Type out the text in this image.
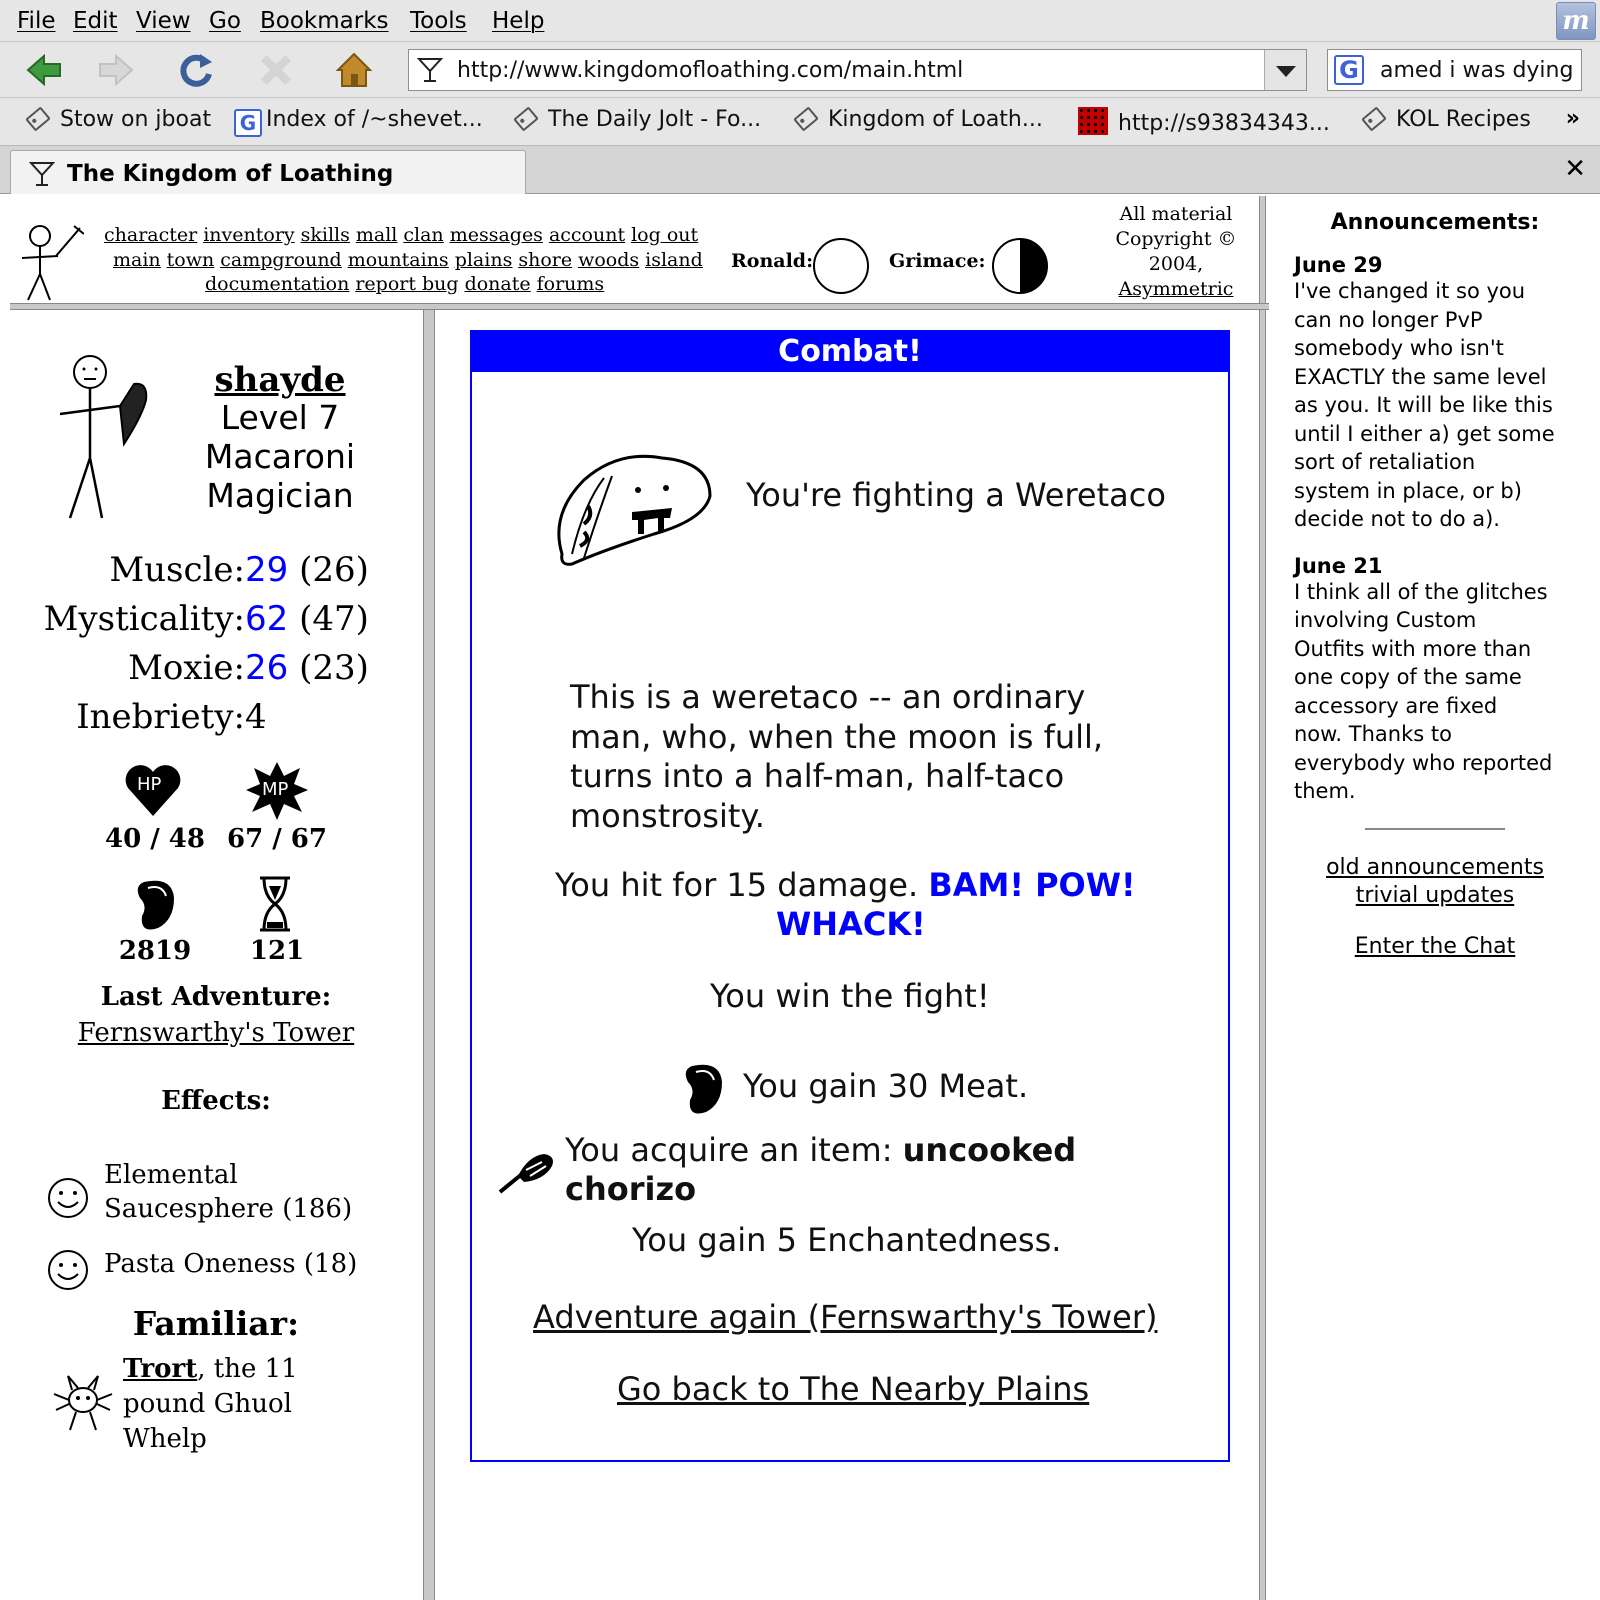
File Edit View Go Bookmarks Tools Help	m
http://www.kingdomofloathing.com/main.html	G amed i was dying
Stow on jboat G Index of /~shevet...	The Daily Jolt - Fo...	Kingdom of Loath...	http://s93834343...	KOL Recipes »
The Kingdom of Loathing	✕
character inventory skills mall clan messages account log out
main town campground mountains plains shore woods island
documentation report bug donate forums
Ronald:	Grimace:
All material
Copyright ©
2004,
Asymmetric
shayde
Level 7
Macaroni
Magician
Muscle: 29 (26)
Mysticality: 62 (47)
Moxie: 26 (23)
Inebriety: 4
HP	MP
40 / 48 67 / 67
2819	121
Last Adventure:
Fernswarthy's Tower
Effects:
Elemental
Saucesphere (186)
Pasta Oneness (18)
Familiar:
Trort, the 11
pound Ghuol
Whelp
Combat!
You're fighting a Weretaco
This is a weretaco -- an ordinary
man, who, when the moon is full,
turns into a half-man, half-taco
monstrosity.
You hit for 15 damage. BAM! POW!
WHACK!
You win the fight!
You gain 30 Meat.
You acquire an item: uncooked
chorizo
You gain 5 Enchantedness.
Adventure again (Fernswarthy's Tower)
Go back to The Nearby Plains
Announcements:
June 29
I've changed it so you
can no longer PvP
somebody who isn't
EXACTLY the same level
as you. It will be like this
until I either a) get some
sort of retaliation
system in place, or b)
decide not to do a).
June 21
I think all of the glitches
involving Custom
Outfits with more than
one copy of the same
accessory are fixed
now. Thanks to
everybody who reported
them.
old announcements
trivial updates
Enter the Chat
